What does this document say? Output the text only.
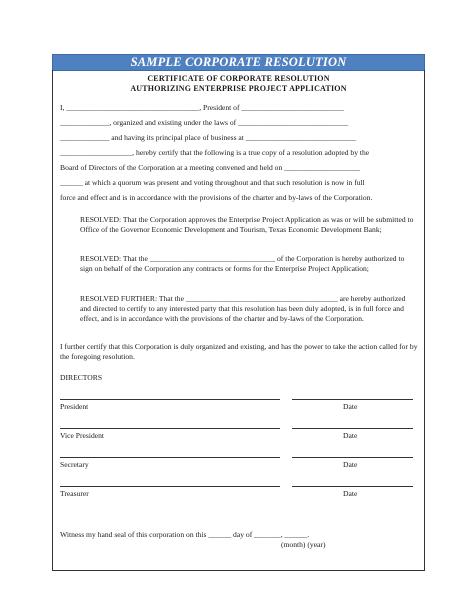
SAMPLE CORPORATE RESOLUTION
CERTIFICATE OF CORPORATE RESOLUTION
AUTHORIZING ENTERPRISE PROJECT APPLICATION
I, ___________________________________, President of ___________________________
_____________, organized and existing under the laws of _____________________________
_____________ and having its principal place of business at _____________________________
___________________, hereby certify that the following is a true copy of a resolution adopted by the
Board of Directors of the Corporation at a meeting convened and held on ____________________
______ at which a quorum was present and voting throughout and that such resolution is now in full
force and effect and is in accordance with the provisions of the charter and by-laws of the Corporation.
RESOLVED: That the Corporation approves the Enterprise Project Application as was or will be submitted to Office of the Governor Economic Development and Tourism, Texas Economic Development Bank;
RESOLVED: That the _________________________________ of the Corporation is hereby authorized to sign on behalf of the Corporation any contracts or forms for the Enterprise Project Application;
RESOLVED FURTHER: That the ________________________________________ are hereby authorized and directed to certify to any interested party that this resolution has been duly adopted, is in full force and effect, and is in accordance with the provisions of the charter and by-laws of the Corporation.
I further certify that this Corporation is duly organized and existing, and has the power to take the action called for by the foregoing resolution.
DIRECTORS
President	Date
Vice President	Date
Secretary	Date
Treasurer	Date
Witness my hand seal of this corporation on this ______ day of _______, ______.
(month) (year)
